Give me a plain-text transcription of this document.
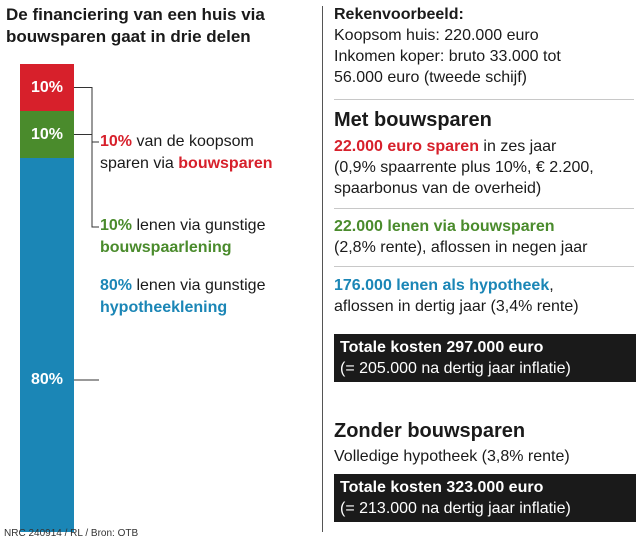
De financiering van een huis via
bouwsparen gaat in drie delen
10%
10%
80%
10% van de koopsom
sparen via bouwsparen
10% lenen via gunstige
bouwspaarlening
80% lenen via gunstige
hypotheeklening
NRC 240914 / RL / Bron: OTB
Rekenvoorbeeld:
Koopsom huis: 220.000 euro
Inkomen koper: bruto 33.000 tot
56.000 euro (tweede schijf)
Met bouwsparen
22.000 euro sparen in zes jaar
(0,9% spaarrente plus 10%, € 2.200,
spaarbonus van de overheid)
22.000 lenen via bouwsparen
(2,8% rente), aflossen in negen jaar
176.000 lenen als hypotheek,
aflossen in dertig jaar (3,4% rente)
Totale kosten 297.000 euro
(= 205.000 na dertig jaar inflatie)
Zonder bouwsparen
Volledige hypotheek (3,8% rente)
Totale kosten 323.000 euro
(= 213.000 na dertig jaar inflatie)
